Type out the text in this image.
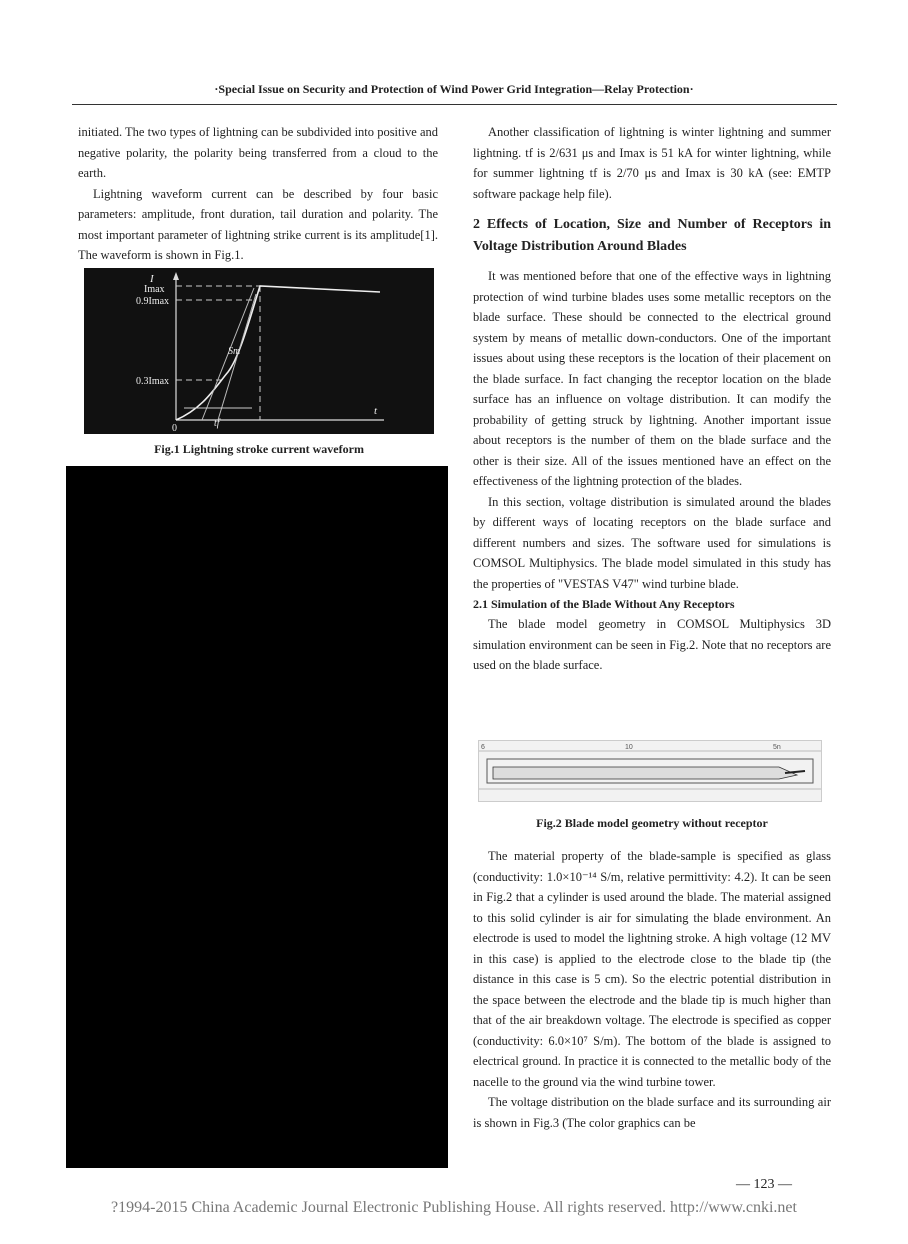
·Special Issue on Security and Protection of Wind Power Grid Integration—Relay Protection·

initiated. The two types of lightning can be subdivided into positive and negative polarity, the polarity being transferred from a cloud to the earth.

Lightning waveform current can be described by four basic parameters: amplitude, front duration, tail duration and polarity. The most important parameter of lightning strike current is its amplitude[1]. The waveform is shown in Fig.1.

I
Imax
0.9Imax
0.3Imax
0
t
tf
Sm
Fig.1 Lightning stroke current waveform

Another classification of lightning is winter lightning and summer lightning. tf is 2/631 μs and Imax is 51 kA for winter lightning, while for summer lightning tf is 2/70 μs and Imax is 30 kA (see: EMTP software package help file).

2 Effects of Location, Size and Number of Receptors in Voltage Distribution Around Blades

It was mentioned before that one of the effective ways in lightning protection of wind turbine blades uses some metallic receptors on the blade surface. These should be connected to the electrical ground system by means of metallic down-conductors. One of the important issues about using these receptors is the location of their placement on the blade surface. In fact changing the receptor location on the blade surface has an influence on voltage distribution. It can modify the probability of getting struck by lightning. Another important issue about receptors is the number of them on the blade surface and the other is their size. All of the issues mentioned have an effect on the effectiveness of the lightning protection of the blades.

In this section, voltage distribution is simulated around the blades by different ways of locating receptors on the blade surface and different numbers and sizes. The software used for simulations is COMSOL Multiphysics. The blade model simulated in this study has the properties of "VESTAS V47" wind turbine blade.

2.1 Simulation of the Blade Without Any Receptors

The blade model geometry in COMSOL Multiphysics 3D simulation environment can be seen in Fig.2. Note that no receptors are used on the blade surface.

6	10	5n
Fig.2 Blade model geometry without receptor

The material property of the blade-sample is specified as glass (conductivity: 1.0×10⁻¹⁴ S/m, relative permittivity: 4.2). It can be seen in Fig.2 that a cylinder is used around the blade. The material assigned to this solid cylinder is air for simulating the blade environment. An electrode is used to model the lightning stroke. A high voltage (12 MV in this case) is applied to the electrode close to the blade tip (the distance in this case is 5 cm). So the electric potential distribution in the space between the electrode and the blade tip is much higher than that of the air breakdown voltage. The electrode is specified as copper (conductivity: 6.0×10⁷ S/m). The bottom of the blade is assigned to electrical ground. In practice it is connected to the metallic body of the nacelle to the ground via the wind turbine tower.

The voltage distribution on the blade surface and its surrounding air is shown in Fig.3 (The color graphics can be

— 123 —
?1994-2015 China Academic Journal Electronic Publishing House. All rights reserved. http://www.cnki.net
